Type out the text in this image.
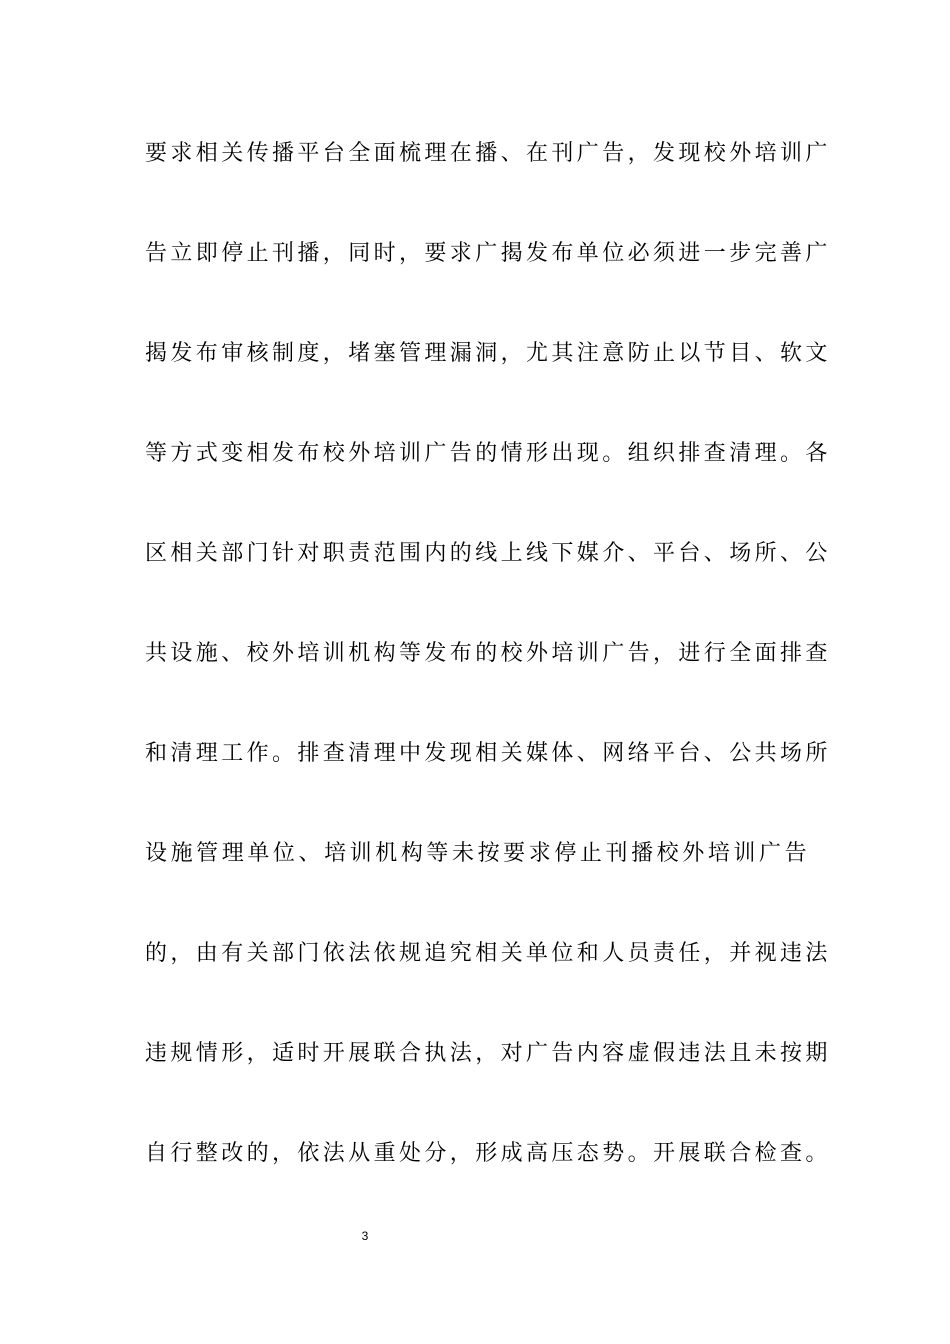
要求相关传播平台全面梳理在播、在刊广告，发现校外培训广
告立即停止刊播，同时，要求广揭发布单位必须进一步完善广
揭发布审核制度，堵塞管理漏洞，尤其注意防止以节目、软文
等方式变相发布校外培训广告的情形出现。组织排查清理。各
区相关部门针对职责范围内的线上线下媒介、平台、场所、公
共设施、校外培训机构等发布的校外培训广告，进行全面排查
和清理工作。排查清理中发现相关媒体、网络平台、公共场所
设施管理单位、培训机构等未按要求停止刊播校外培训广告
的，由有关部门依法依规追究相关单位和人员责任，并视违法
违规情形，适时开展联合执法，对广告内容虚假违法且未按期
自行整改的，依法从重处分，形成高压态势。开展联合检查。
3
